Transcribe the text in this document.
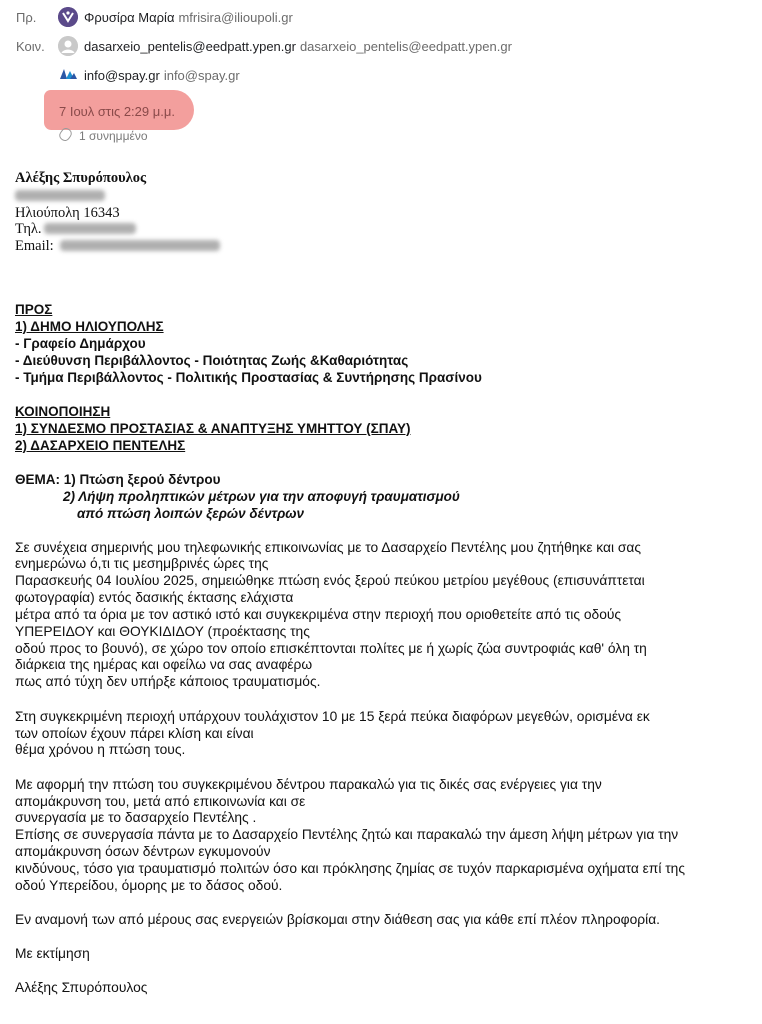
Πρ.	Φρυσίρα Μαρία mfrisira@ilioupoli.gr
Κοιν.	dasarxeio_pentelis@eedpatt.ypen.gr dasarxeio_pentelis@eedpatt.ypen.gr
info@spay.gr info@spay.gr
7 Ιουλ στις 2:29 μ.μ.
1 συνημμένο
Αλέξης Σπυρόπουλος
Ηλιούπολη 16343
Τηλ.
Email:
ΠΡΟΣ
1) ΔΗΜΟ ΗΛΙΟΥΠΟΛΗΣ
- Γραφείο Δημάρχου
- Διεύθυνση Περιβάλλοντος - Ποιότητας Ζωής &Καθαριότητας
- Τμήμα Περιβάλλοντος - Πολιτικής Προστασίας & Συντήρησης Πρασίνου
ΚΟΙΝΟΠΟΙΗΣΗ
1) ΣΥΝΔΕΣΜΟ ΠΡΟΣΤΑΣΙΑΣ & ΑΝΑΠΤΥΞΗΣ ΥΜΗΤΤΟΥ (ΣΠΑΥ)
2) ΔΑΣΑΡΧΕΙΟ ΠΕΝΤΕΛΗΣ
ΘΕΜΑ: 1) Πτώση ξερού δέντρου
2) Λήψη προληπτικών μέτρων για την αποφυγή τραυματισμού
από πτώση λοιπών ξερών δέντρων
Σε συνέχεια σημερινής μου τηλεφωνικής επικοινωνίας με το Δασαρχείο Πεντέλης μου ζητήθηκε και σας
ενημερώνω ό,τι τις μεσημβρινές ώρες της
Παρασκευής 04 Ιουλίου 2025, σημειώθηκε πτώση ενός ξερού πεύκου μετρίου μεγέθους (επισυνάπτεται
φωτογραφία) εντός δασικής έκτασης ελάχιστα
μέτρα από τα όρια με τον αστικό ιστό και συγκεκριμένα στην περιοχή που οριοθετείτε από τις οδούς
ΥΠΕΡΕΙΔΟΥ και ΘΟΥΚΙΔΙΔΟΥ (προέκτασης της
οδού προς το βουνό), σε χώρο τον οποίο επισκέπτονται πολίτες με ή χωρίς ζώα συντροφιάς καθ' όλη τη
διάρκεια της ημέρας και οφείλω να σας αναφέρω
πως από τύχη δεν υπήρξε κάποιος τραυματισμός.
Στη συγκεκριμένη περιοχή υπάρχουν τουλάχιστον 10 με 15 ξερά πεύκα διαφόρων μεγεθών, ορισμένα εκ
των οποίων έχουν πάρει κλίση και είναι
θέμα χρόνου η πτώση τους.
Με αφορμή την πτώση του συγκεκριμένου δέντρου παρακαλώ για τις δικές σας ενέργειες για την
απομάκρυνση του, μετά από επικοινωνία και σε
συνεργασία με το δασαρχείο Πεντέλης .
Επίσης σε συνεργασία πάντα με το Δασαρχείο Πεντέλης ζητώ και παρακαλώ την άμεση λήψη μέτρων για την
απομάκρυνση όσων δέντρων εγκυμονούν
κινδύνους, τόσο για τραυματισμό πολιτών όσο και πρόκλησης ζημίας σε τυχόν παρκαρισμένα οχήματα επί της
οδού Υπερείδου, όμορης με το δάσος οδού.
Εν αναμονή των από μέρους σας ενεργειών βρίσκομαι στην διάθεση σας για κάθε επί πλέον πληροφορία.
Με εκτίμηση
Αλέξης Σπυρόπουλος
